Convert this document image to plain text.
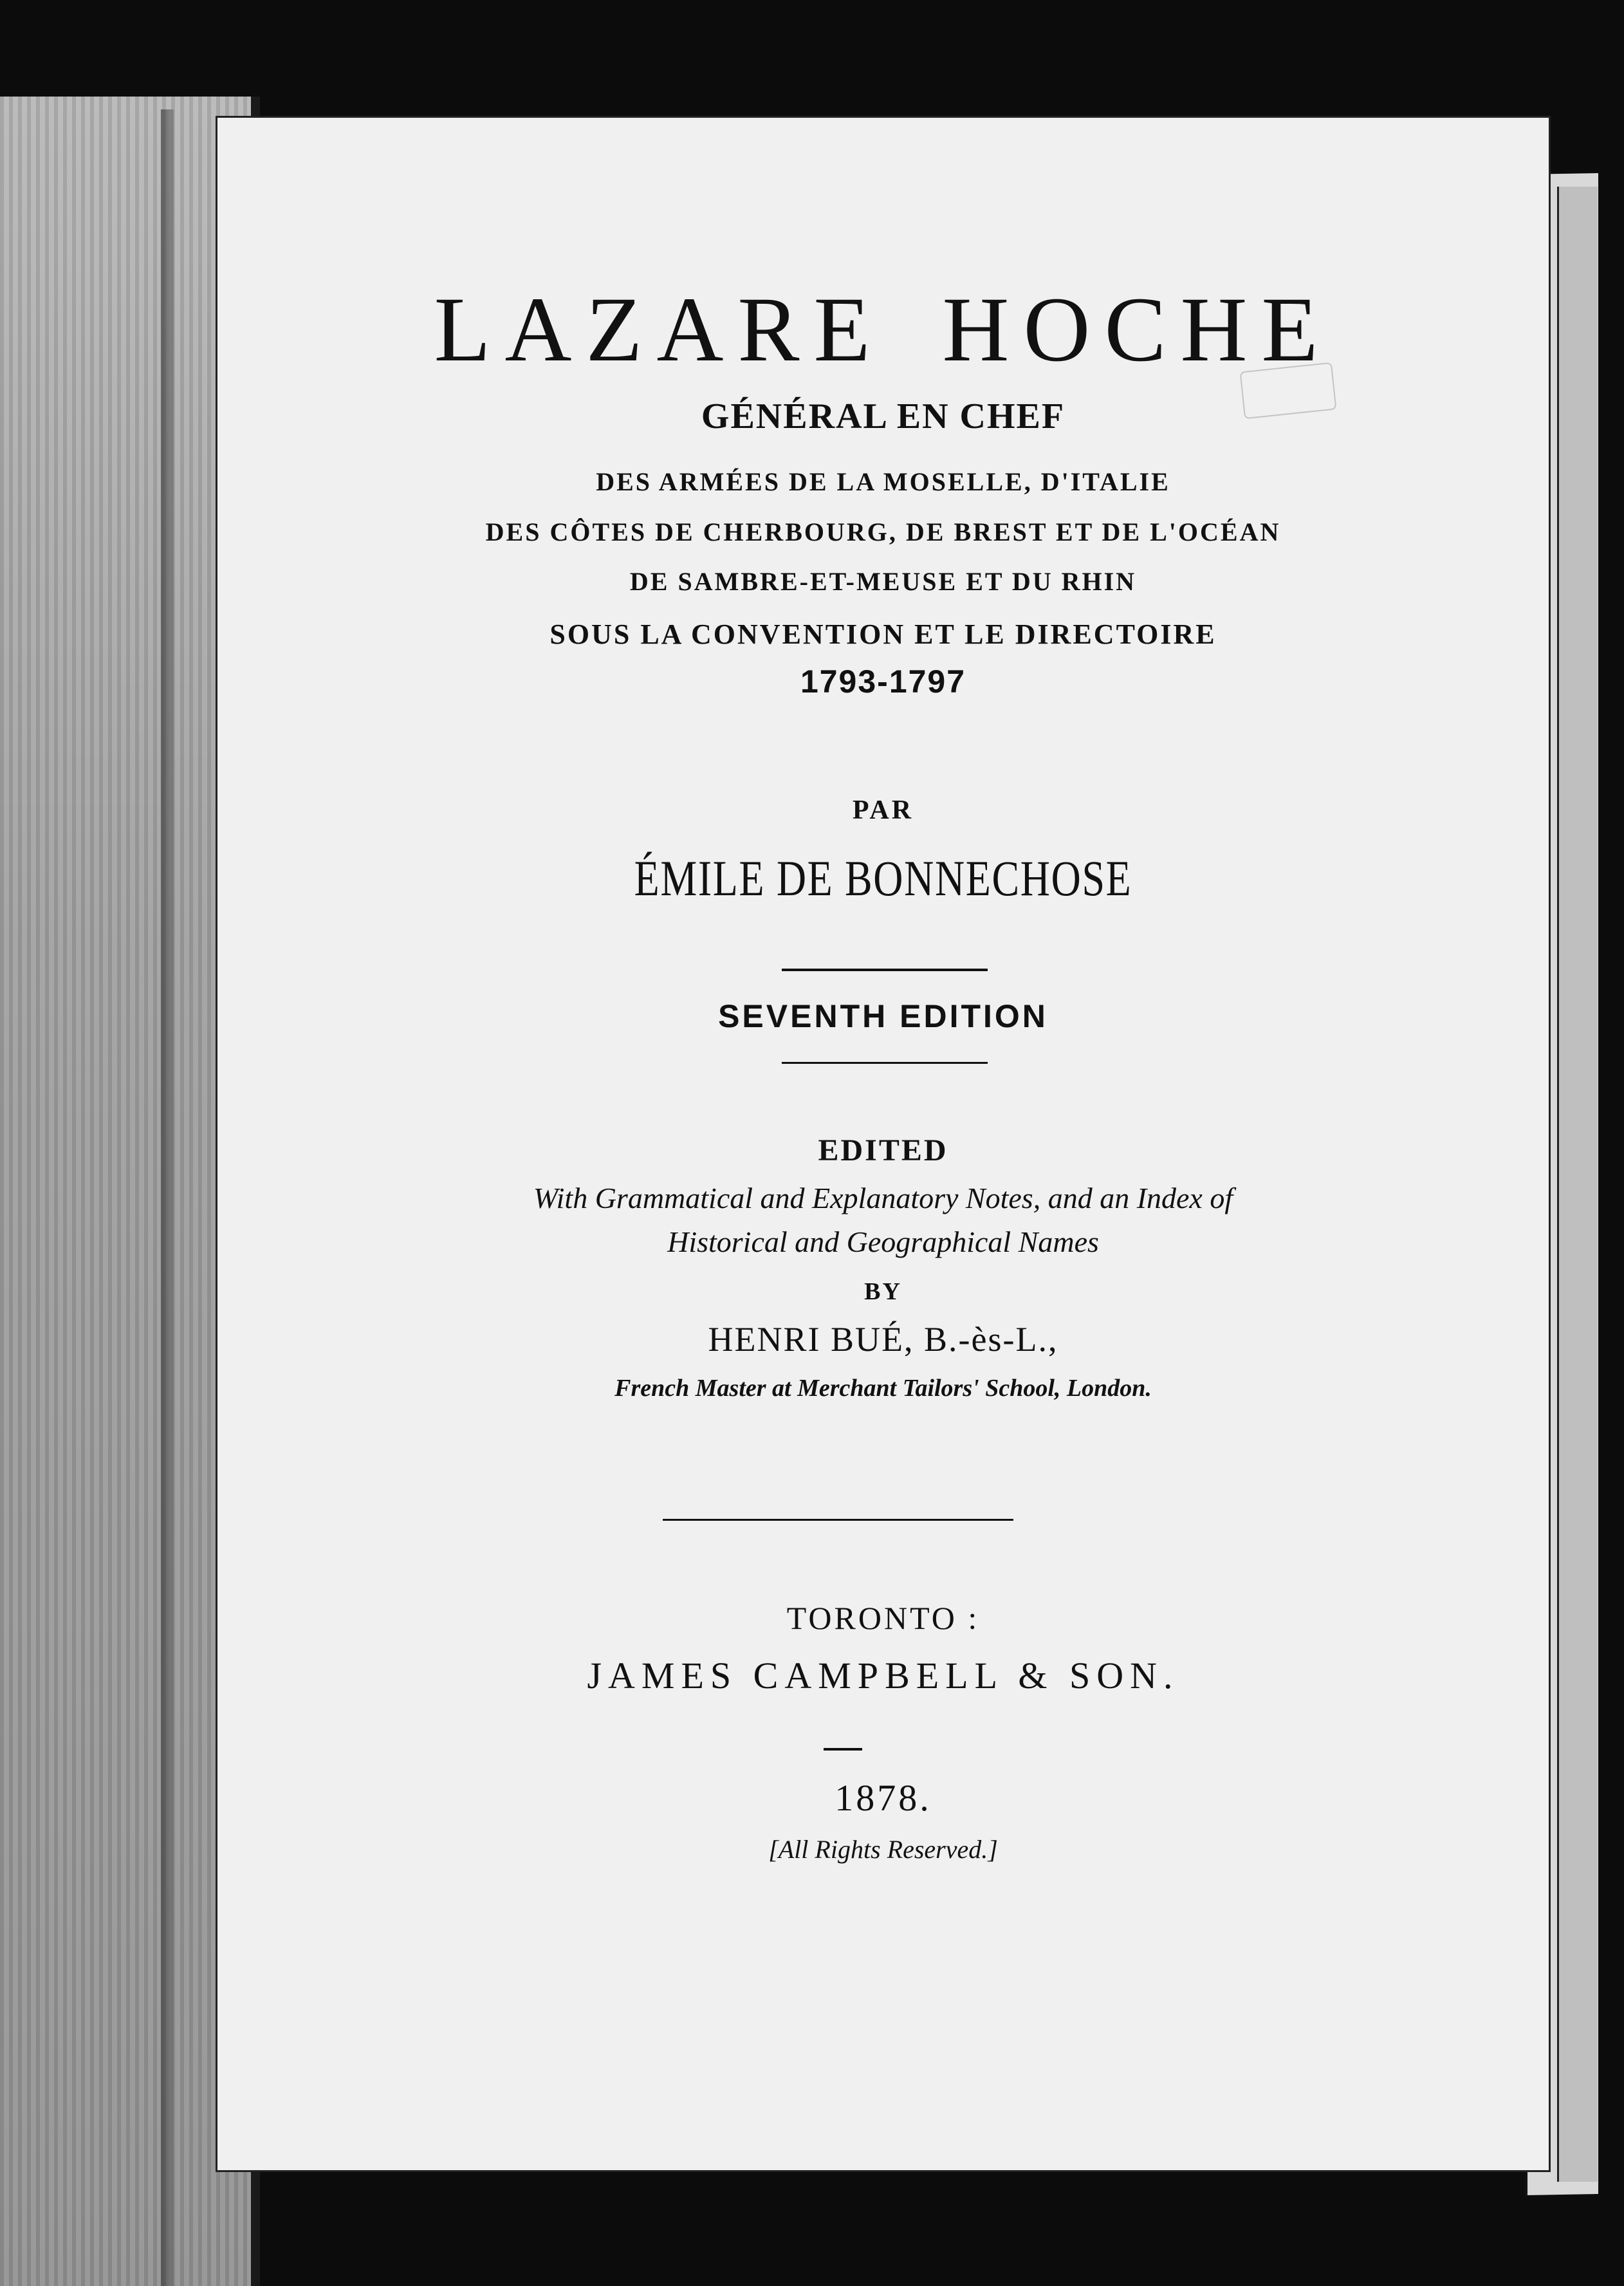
LAZARE HOCHE
GÉNÉRAL EN CHEF
DES ARMÉES DE LA MOSELLE, D'ITALIE
DES CÔTES DE CHERBOURG, DE BREST ET DE L'OCÉAN
DE SAMBRE-ET-MEUSE ET DU RHIN
SOUS LA CONVENTION ET LE DIRECTOIRE
1793-1797
PAR
ÉMILE DE BONNECHOSE
SEVENTH EDITION
EDITED
With Grammatical and Explanatory Notes, and an Index of
Historical and Geographical Names
BY
HENRI BUÉ, B.-ès-L.,
French Master at Merchant Tailors' School, London.
TORONTO :
JAMES CAMPBELL & SON.
1878.
[All Rights Reserved.]
